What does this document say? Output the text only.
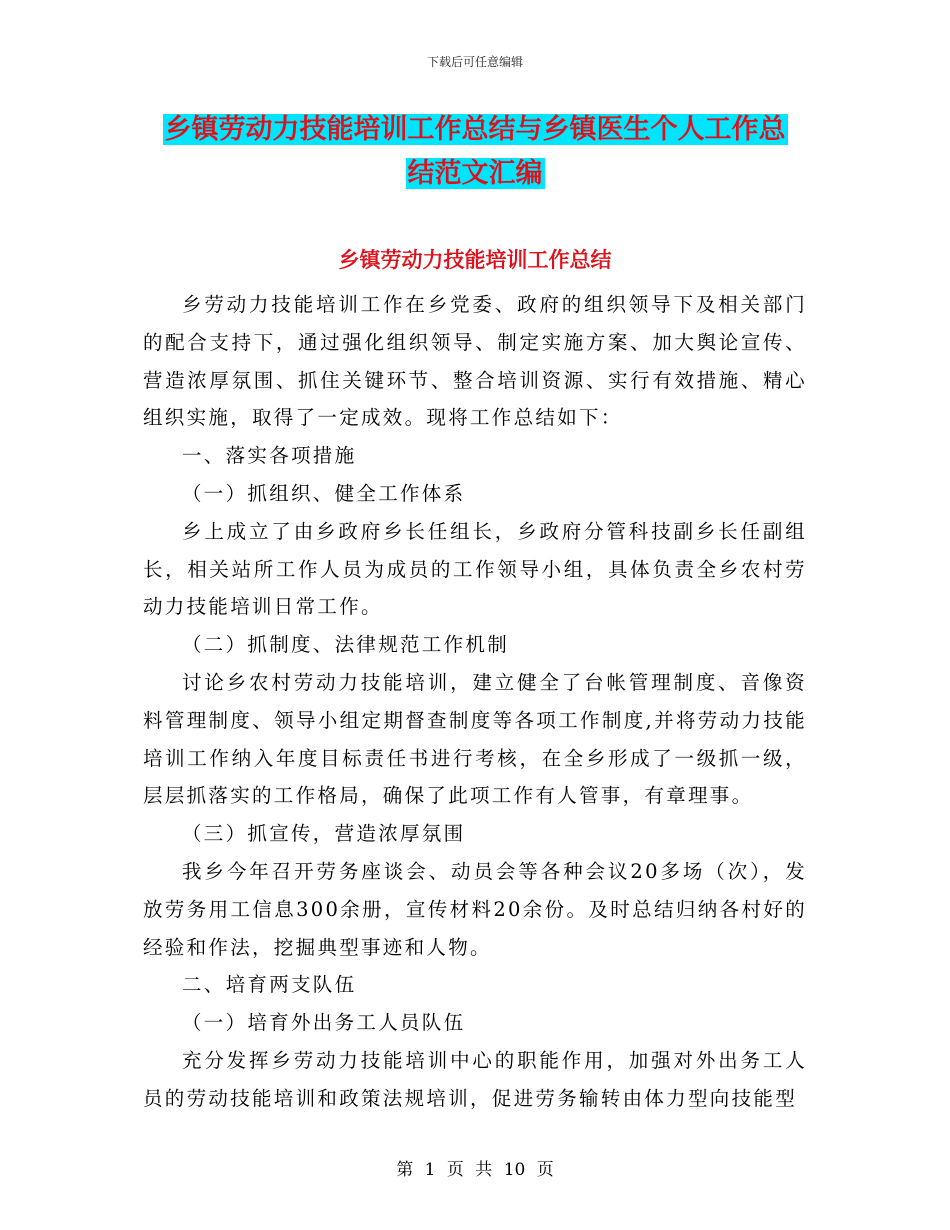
下载后可任意编辑
乡镇劳动力技能培训工作总结与乡镇医生个人工作总
结范文汇编
乡镇劳动力技能培训工作总结

乡劳动力技能培训工作在乡党委、政府的组织领导下及相关部门的配合支持下，通过强化组织领导、制定实施方案、加大舆论宣传、营造浓厚氛围、抓住关键环节、整合培训资源、实行有效措施、精心组织实施，取得了一定成效。现将工作总结如下：

一、落实各项措施

（一）抓组织、健全工作体系

乡上成立了由乡政府乡长任组长，乡政府分管科技副乡长任副组长，相关站所工作人员为成员的工作领导小组，具体负责全乡农村劳动力技能培训日常工作。

（二）抓制度、法律规范工作机制

讨论乡农村劳动力技能培训，建立健全了台帐管理制度、音像资料管理制度、领导小组定期督查制度等各项工作制度,并将劳动力技能培训工作纳入年度目标责任书进行考核，在全乡形成了一级抓一级，层层抓落实的工作格局，确保了此项工作有人管事，有章理事。

（三）抓宣传，营造浓厚氛围

我乡今年召开劳务座谈会、动员会等各种会议20多场（次），发放劳务用工信息300余册，宣传材料20余份。及时总结归纳各村好的经验和作法，挖掘典型事迹和人物。

二、培育两支队伍

（一）培育外出务工人员队伍

充分发挥乡劳动力技能培训中心的职能作用，加强对外出务工人员的劳动技能培训和政策法规培训，促进劳务输转由体力型向技能型

第 1 页 共 10 页
